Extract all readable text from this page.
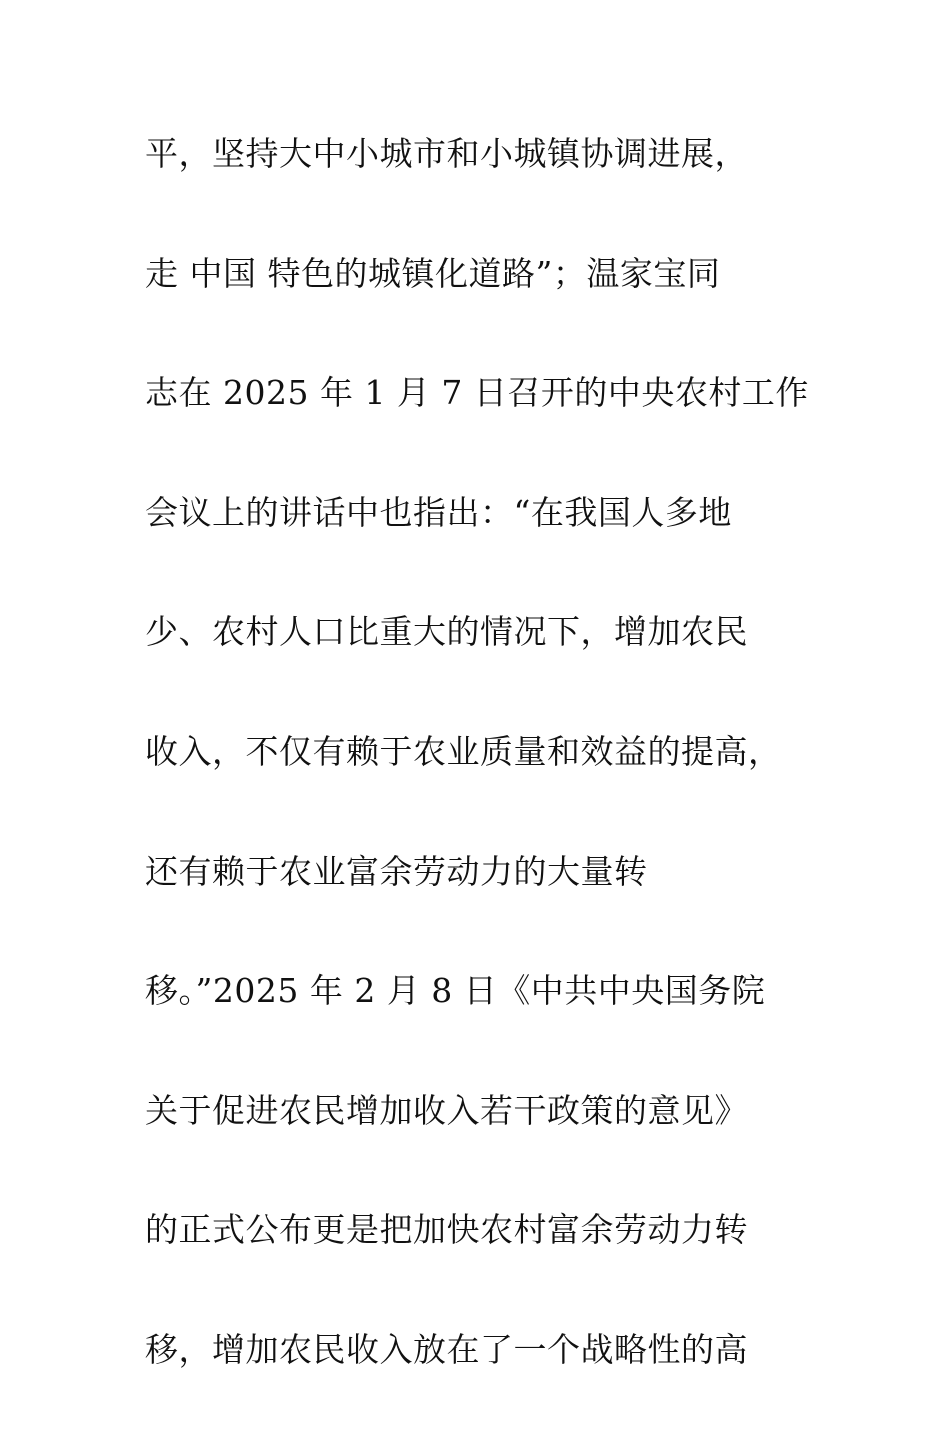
平，坚持大中小城市和小城镇协调进展，
走 中国 特色的城镇化道路”；温家宝同
志在 2025 年 1 月 7 日召开的中央农村工作
会议上的讲话中也指出：“在我国人多地
少、农村人口比重大的情况下，增加农民
收入，不仅有赖于农业质量和效益的提高，
还有赖于农业富余劳动力的大量转
移。”2025 年 2 月 8 日《中共中央国务院
关于促进农民增加收入若干政策的意见》
的正式公布更是把加快农村富余劳动力转
移，增加农民收入放在了一个战略性的高
